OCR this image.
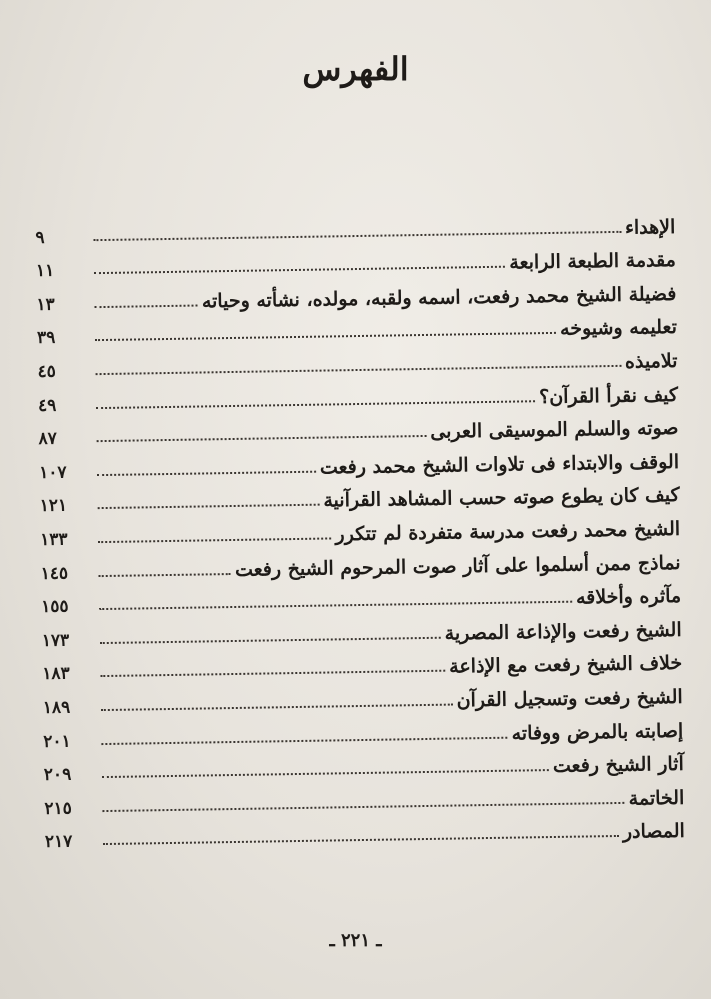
الفهرس
الإهداء
٩
مقدمة الطبعة الرابعة
١١
فضيلة الشيخ محمد رفعت، اسمه ولقبه، مولده، نشأته وحياته
١٣
تعليمه وشيوخه
٣٩
تلاميذه
٤٥
كيف نقرأ القرآن؟
٤٩
صوته والسلم الموسيقى العربى
٨٧
الوقف والابتداء فى تلاوات الشيخ محمد رفعت
١٠٧
كيف كان يطوع صوته حسب المشاهد القرآنية
١٢١
الشيخ محمد رفعت مدرسة متفردة لم تتكرر
١٣٣
نماذج ممن أسلموا على آثار صوت المرحوم الشيخ رفعت
١٤٥
مآثره وأخلاقه
١٥٥
الشيخ رفعت والإذاعة المصرية
١٧٣
خلاف الشيخ رفعت مع الإذاعة
١٨٣
الشيخ رفعت وتسجيل القرآن
١٨٩
إصابته بالمرض ووفاته
٢٠١
آثار الشيخ رفعت
٢٠٩
الخاتمة
٢١٥
المصادر
٢١٧
ـ ٢٢١ ـ
